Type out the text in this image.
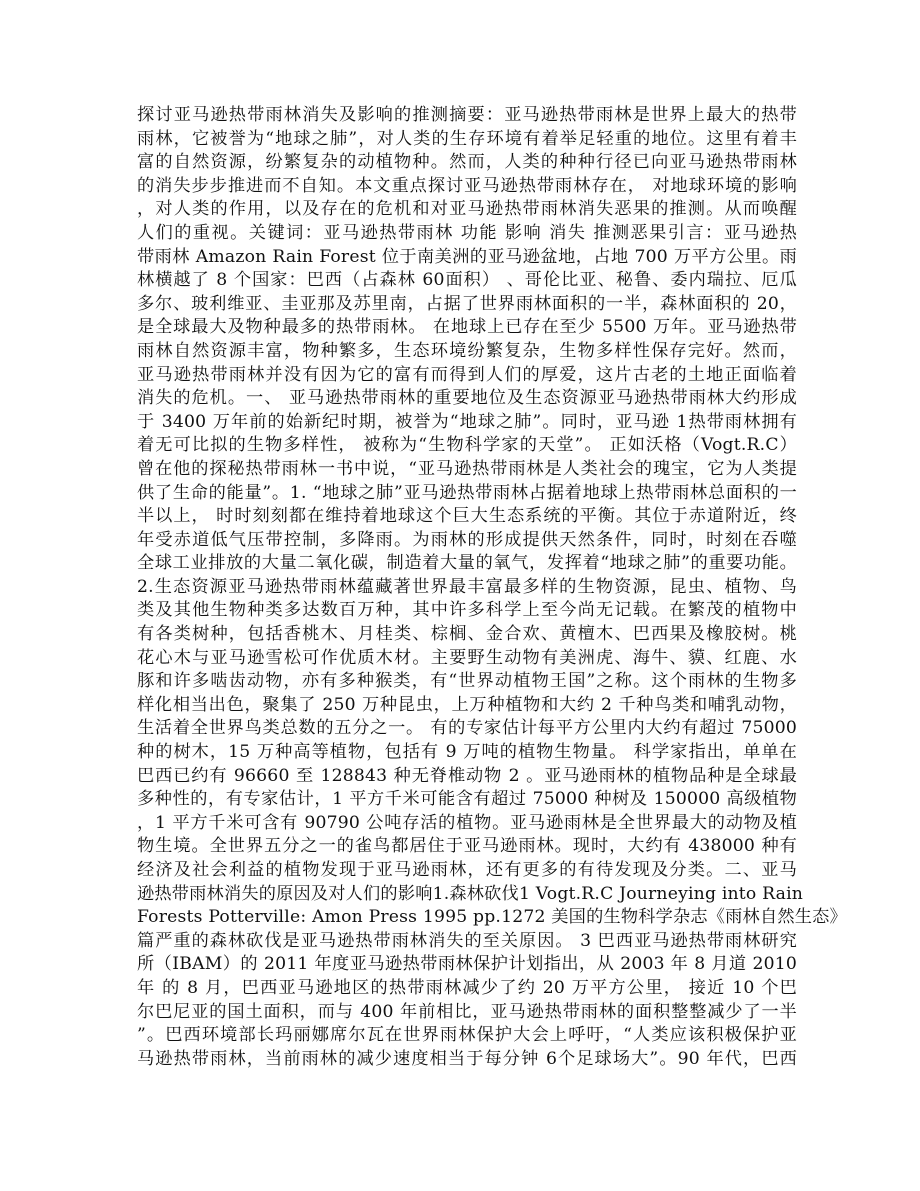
探讨亚马逊热带雨林消失及影响的推测摘要：亚马逊热带雨林是世界上最大的热带
雨林，它被誉为“地球之肺”，对人类的生存环境有着举足轻重的地位。这里有着丰
富的自然资源，纷繁复杂的动植物种。然而，人类的种种行径已向亚马逊热带雨林
的消失步步推进而不自知。本文重点探讨亚马逊热带雨林存在， 对地球环境的影响
，对人类的作用，以及存在的危机和对亚马逊热带雨林消失恶果的推测。从而唤醒
人们的重视。关键词：亚马逊热带雨林 功能 影响 消失 推测恶果引言：亚马逊热
带雨林 Amazon Rain Forest 位于南美洲的亚马逊盆地，占地 700 万平方公里。雨
林横越了 8 个国家：巴西（占森林 60面积） 、哥伦比亚、秘鲁、委内瑞拉、厄瓜
多尔、玻利维亚、圭亚那及苏里南，占据了世界雨林面积的一半，森林面积的 20，
是全球最大及物种最多的热带雨林。 在地球上已存在至少 5500 万年。亚马逊热带
雨林自然资源丰富，物种繁多，生态环境纷繁复杂，生物多样性保存完好。然而，
亚马逊热带雨林并没有因为它的富有而得到人们的厚爱，这片古老的土地正面临着
消失的危机。一、 亚马逊热带雨林的重要地位及生态资源亚马逊热带雨林大约形成
于 3400 万年前的始新纪时期，被誉为“地球之肺”。同时，亚马逊 1热带雨林拥有
着无可比拟的生物多样性， 被称为“生物科学家的天堂”。 正如沃格（Vogt.R.C）
曾在他的探秘热带雨林一书中说，“亚马逊热带雨林是人类社会的瑰宝，它为人类提
供了生命的能量”。1. “地球之肺”亚马逊热带雨林占据着地球上热带雨林总面积的一
半以上， 时时刻刻都在维持着地球这个巨大生态系统的平衡。其位于赤道附近，终
年受赤道低气压带控制，多降雨。为雨林的形成提供天然条件，同时，时刻在吞噬
全球工业排放的大量二氧化碳，制造着大量的氧气，发挥着“地球之肺”的重要功能。
2.生态资源亚马逊热带雨林蕴藏著世界最丰富最多样的生物资源，昆虫、植物、鸟
类及其他生物种类多达数百万种，其中许多科学上至今尚无记载。在繁茂的植物中
有各类树种，包括香桃木、月桂类、棕榈、金合欢、黄檀木、巴西果及橡胶树。桃
花心木与亚马逊雪松可作优质木材。主要野生动物有美洲虎、海牛、貘、红鹿、水
豚和许多啮齿动物，亦有多种猴类，有“世界动植物王国”之称。这个雨林的生物多
样化相当出色，聚集了 250 万种昆虫，上万种植物和大约 2 千种鸟类和哺乳动物，
生活着全世界鸟类总数的五分之一。 有的专家估计每平方公里内大约有超过 75000
种的树木，15 万种高等植物，包括有 9 万吨的植物生物量。 科学家指出，单单在
巴西已约有 96660 至 128843 种无脊椎动物 2 。亚马逊雨林的植物品种是全球最
多种性的，有专家估计，1 平方千米可能含有超过 75000 种树及 150000 高级植物
，1 平方千米可含有 90790 公吨存活的植物。亚马逊雨林是全世界最大的动物及植
物生境。全世界五分之一的雀鸟都居住于亚马逊雨林。现时，大约有 438000 种有
经济及社会利益的植物发现于亚马逊雨林，还有更多的有待发现及分类。二、亚马
逊热带雨林消失的原因及对人们的影响1.森林砍伐1 Vogt.R.C Journeying into Rain
Forests Potterville: Amon Press 1995 pp.1272 美国的生物科学杂志《雨林自然生态》
篇严重的森林砍伐是亚马逊热带雨林消失的至关原因。 3 巴西亚马逊热带雨林研究
所（IBAM）的 2011 年度亚马逊热带雨林保护计划指出，从 2003 年 8 月道 2010
年 的 8 月，巴西亚马逊地区的热带雨林减少了约 20 万平方公里， 接近 10 个巴
尔巴尼亚的国土面积，而与 400 年前相比，亚马逊热带雨林的面积整整减少了一半
”。巴西环境部长玛丽娜席尔瓦在世界雨林保护大会上呼吁，“人类应该积极保护亚
马逊热带雨林，当前雨林的减少速度相当于每分钟 6个足球场大”。90 年代，巴西
